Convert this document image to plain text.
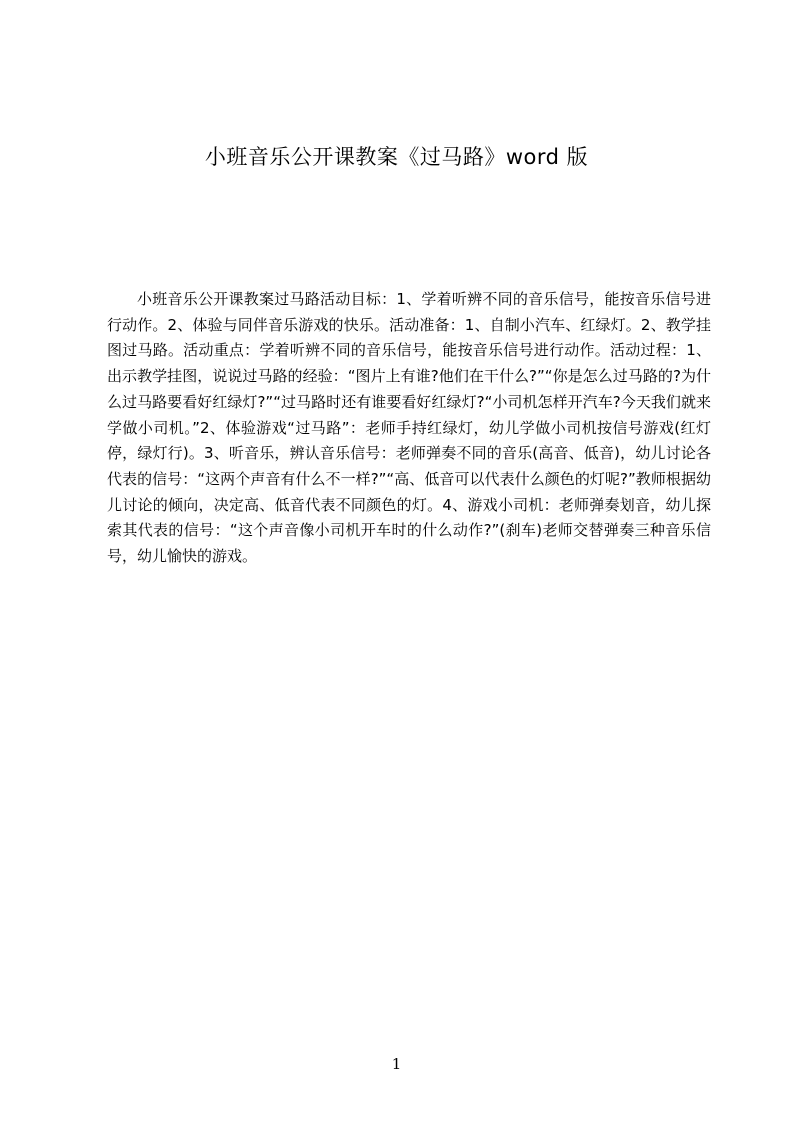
小班音乐公开课教案《过马路》word 版

小班音乐公开课教案过马路活动目标：1、学着听辨不同的音乐信号，能按音乐信号进行动作。2、体验与同伴音乐游戏的快乐。活动准备：1、自制小汽车、红绿灯。2、教学挂图过马路。活动重点：学着听辨不同的音乐信号，能按音乐信号进行动作。活动过程：1、出示教学挂图，说说过马路的经验：“图片上有谁?他们在干什么?”“你是怎么过马路的?为什么过马路要看好红绿灯?”“过马路时还有谁要看好红绿灯?“小司机怎样开汽车?今天我们就来学做小司机。”2、体验游戏“过马路”：老师手持红绿灯，幼儿学做小司机按信号游戏(红灯停，绿灯行)。3、听音乐，辨认音乐信号：老师弹奏不同的音乐(高音、低音)，幼儿讨论各代表的信号：“这两个声音有什么不一样?”“高、低音可以代表什么颜色的灯呢?”教师根据幼儿讨论的倾向，决定高、低音代表不同颜色的灯。4、游戏小司机：老师弹奏划音，幼儿探索其代表的信号：“这个声音像小司机开车时的什么动作?”(刹车)老师交替弹奏三种音乐信号，幼儿愉快的游戏。

1
